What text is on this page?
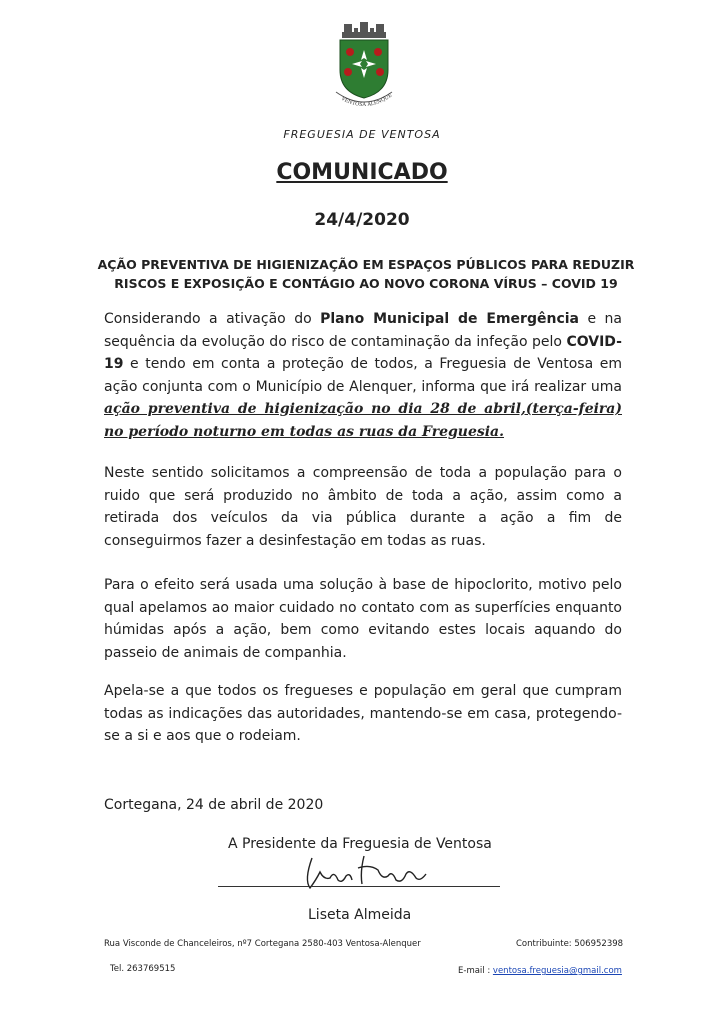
VENTOSA ALENQUE
FREGUESIA DE VENTOSA
COMUNICADO
24/4/2020
AÇÃO PREVENTIVA DE HIGIENIZAÇÃO EM ESPAÇOS PÚBLICOS PARA REDUZIR RISCOS E EXPOSIÇÃO E CONTÁGIO AO NOVO CORONA VÍRUS – COVID 19
Considerando a ativação do Plano Municipal de Emergência e na sequência da evolução do risco de contaminação da infeção pelo COVID-19 e tendo em conta a proteção de todos, a Freguesia de Ventosa em ação conjunta com o Município de Alenquer, informa que irá realizar uma ação preventiva de higienização no dia 28 de abril,(terça-feira) no período noturno em todas as ruas da Freguesia.
Neste sentido solicitamos a compreensão de toda a população para o ruido que será produzido no âmbito de toda a ação, assim como a retirada dos veículos da via pública durante a ação a fim de conseguirmos fazer a desinfestação em todas as ruas.
Para o efeito será usada uma solução à base de hipoclorito, motivo pelo qual apelamos ao maior cuidado no contato com as superfícies enquanto húmidas após a ação, bem como evitando estes locais aquando do passeio de animais de companhia.
Apela-se a que todos os fregueses e população em geral que cumpram todas as indicações das autoridades, mantendo-se em casa, protegendo-se a si e aos que o rodeiam.
Cortegana, 24 de abril de 2020
A Presidente da Freguesia de Ventosa
Liseta Almeida
Rua Visconde de Chanceleiros, nº7 Cortegana 2580-403 Ventosa-Alenquer	Contribuinte: 506952398
Tel. 263769515	E-mail : ventosa.freguesia@gmail.com
